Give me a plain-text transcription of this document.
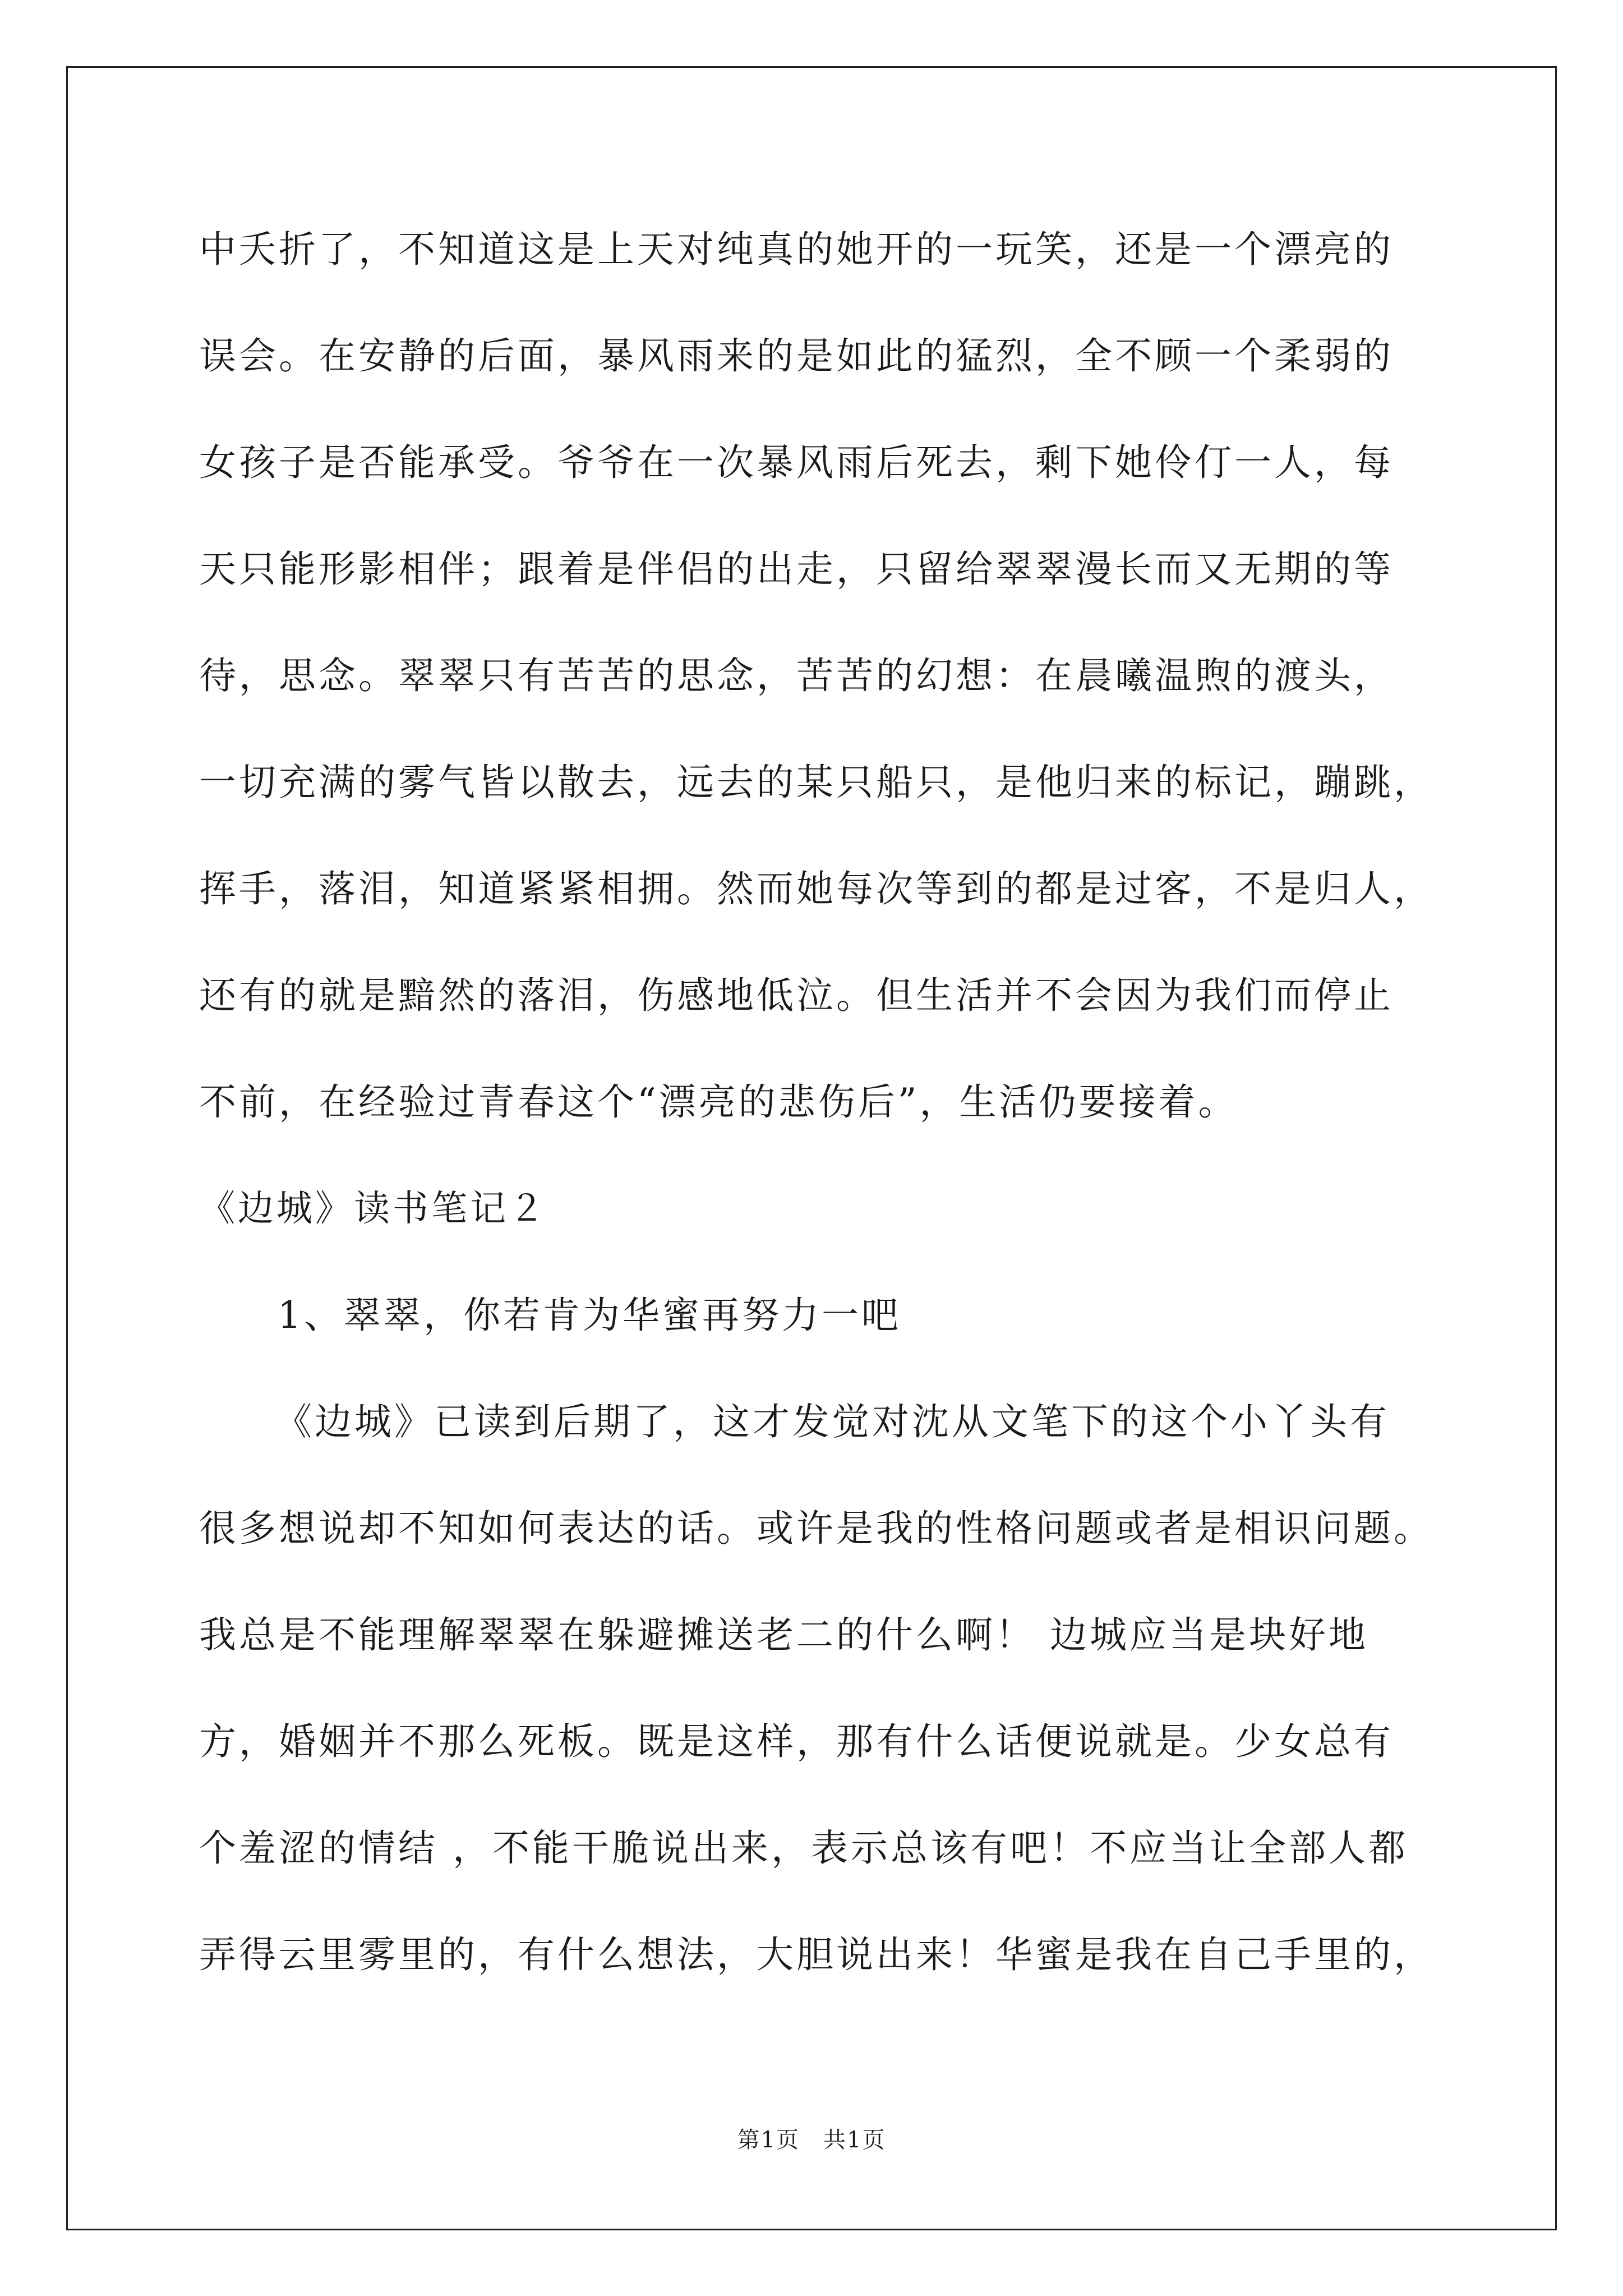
中夭折了，不知道这是上天对纯真的她开的一玩笑，还是一个漂亮的
误会。在安静的后面，暴风雨来的是如此的猛烈，全不顾一个柔弱的
女孩子是否能承受。爷爷在一次暴风雨后死去，剩下她伶仃一人，每
天只能形影相伴；跟着是伴侣的出走，只留给翠翠漫长而又无期的等
待，思念。翠翠只有苦苦的思念，苦苦的幻想：在晨曦温煦的渡头，
一切充满的雾气皆以散去，远去的某只船只，是他归来的标记，蹦跳，
挥手，落泪，知道紧紧相拥。然而她每次等到的都是过客，不是归人，
还有的就是黯然的落泪，伤感地低泣。但生活并不会因为我们而停止
不前，在经验过青春这个“漂亮的悲伤后”，生活仍要接着。
《边城》读书笔记２
1、翠翠，你若肯为华蜜再努力一吧
《边城》已读到后期了，这才发觉对沈从文笔下的这个小丫头有
很多想说却不知如何表达的话。或许是我的性格问题或者是相识问题。
我总是不能理解翠翠在躲避摊送老二的什么啊！ 边城应当是块好地
方，婚姻并不那么死板。既是这样，那有什么话便说就是。少女总有
个羞涩的情结 ，不能干脆说出来，表示总该有吧！不应当让全部人都
弄得云里雾里的，有什么想法，大胆说出来！华蜜是我在自己手里的，
第1页　共1页
